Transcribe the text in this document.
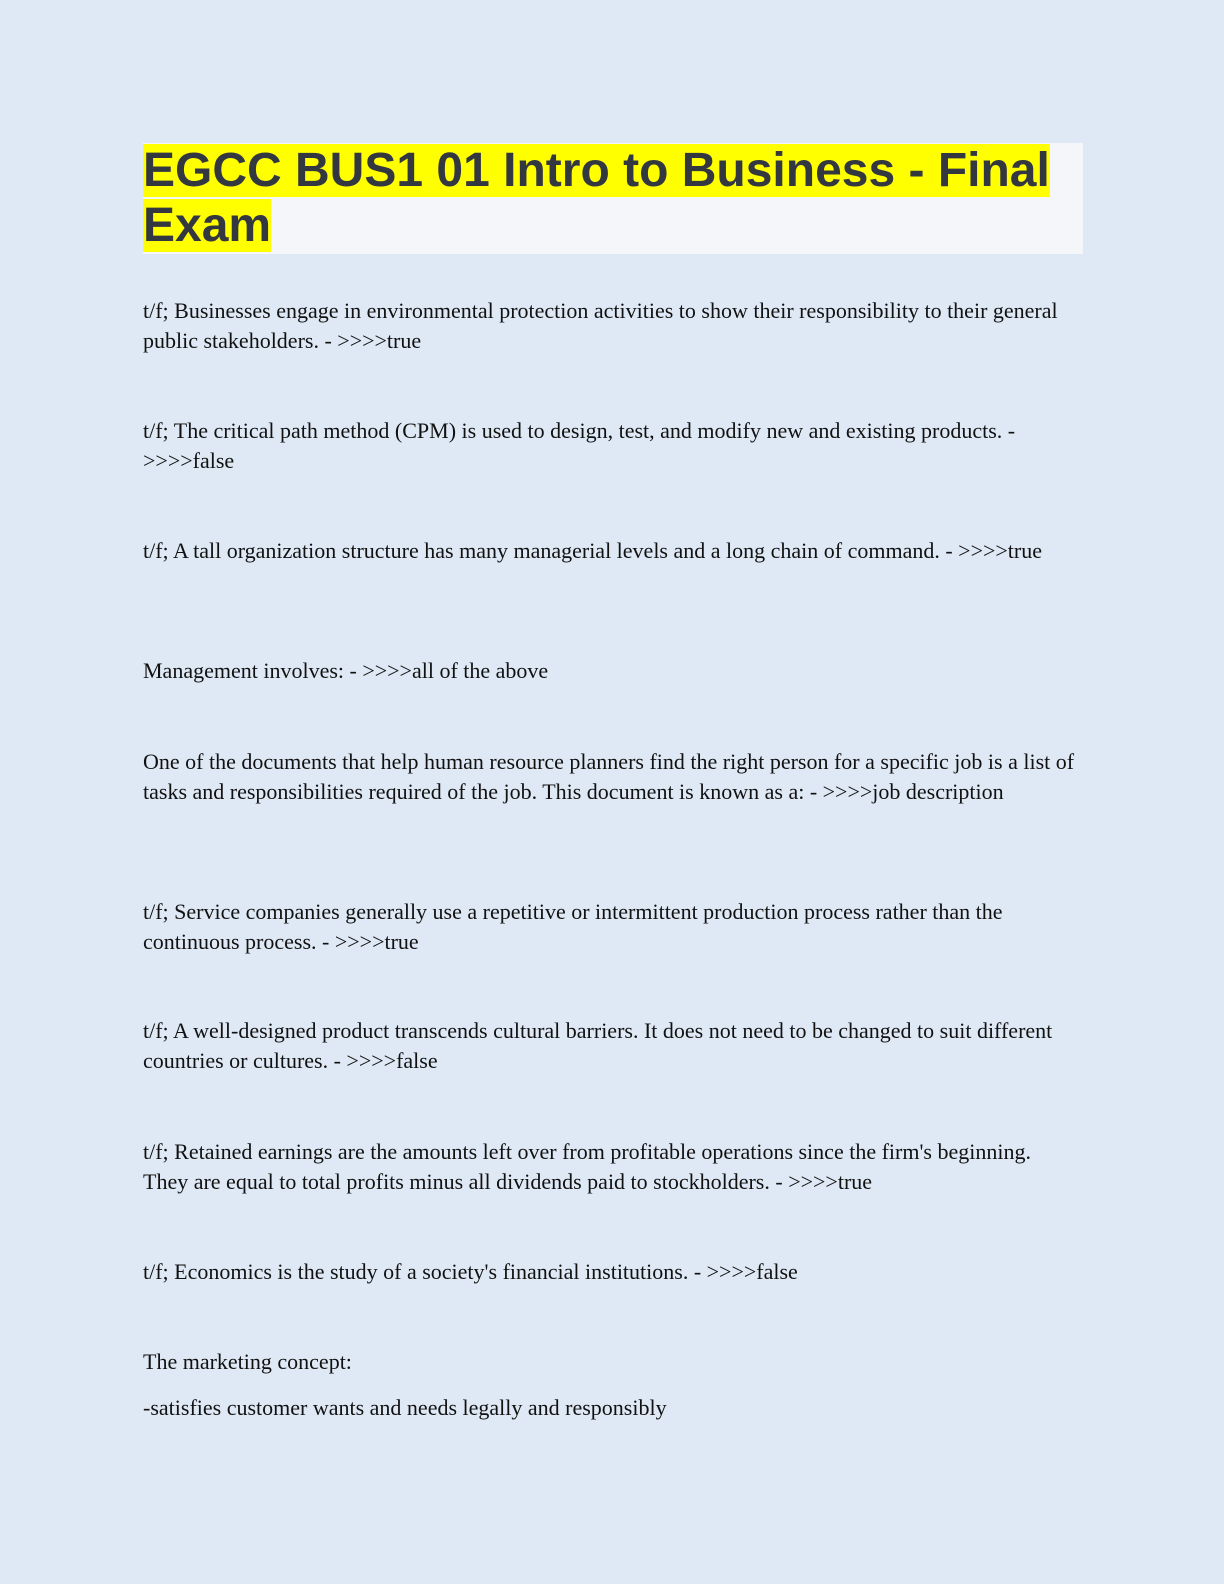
EGCC BUS1 01 Intro to Business - Final Exam

t/f; Businesses engage in environmental protection activities to show their responsibility to their general public stakeholders. - >>>>true

t/f; The critical path method (CPM) is used to design, test, and modify new and existing products. - >>>>false

t/f; A tall organization structure has many managerial levels and a long chain of command. - >>>>true

Management involves: - >>>>all of the above

One of the documents that help human resource planners find the right person for a specific job is a list of tasks and responsibilities required of the job. This document is known as a: - >>>>job description

t/f; Service companies generally use a repetitive or intermittent production process rather than the continuous process. - >>>>true

t/f; A well-designed product transcends cultural barriers. It does not need to be changed to suit different countries or cultures. - >>>>false

t/f; Retained earnings are the amounts left over from profitable operations since the firm's beginning. They are equal to total profits minus all dividends paid to stockholders. - >>>>true

t/f; Economics is the study of a society's financial institutions. - >>>>false

The marketing concept:

-satisfies customer wants and needs legally and responsibly
